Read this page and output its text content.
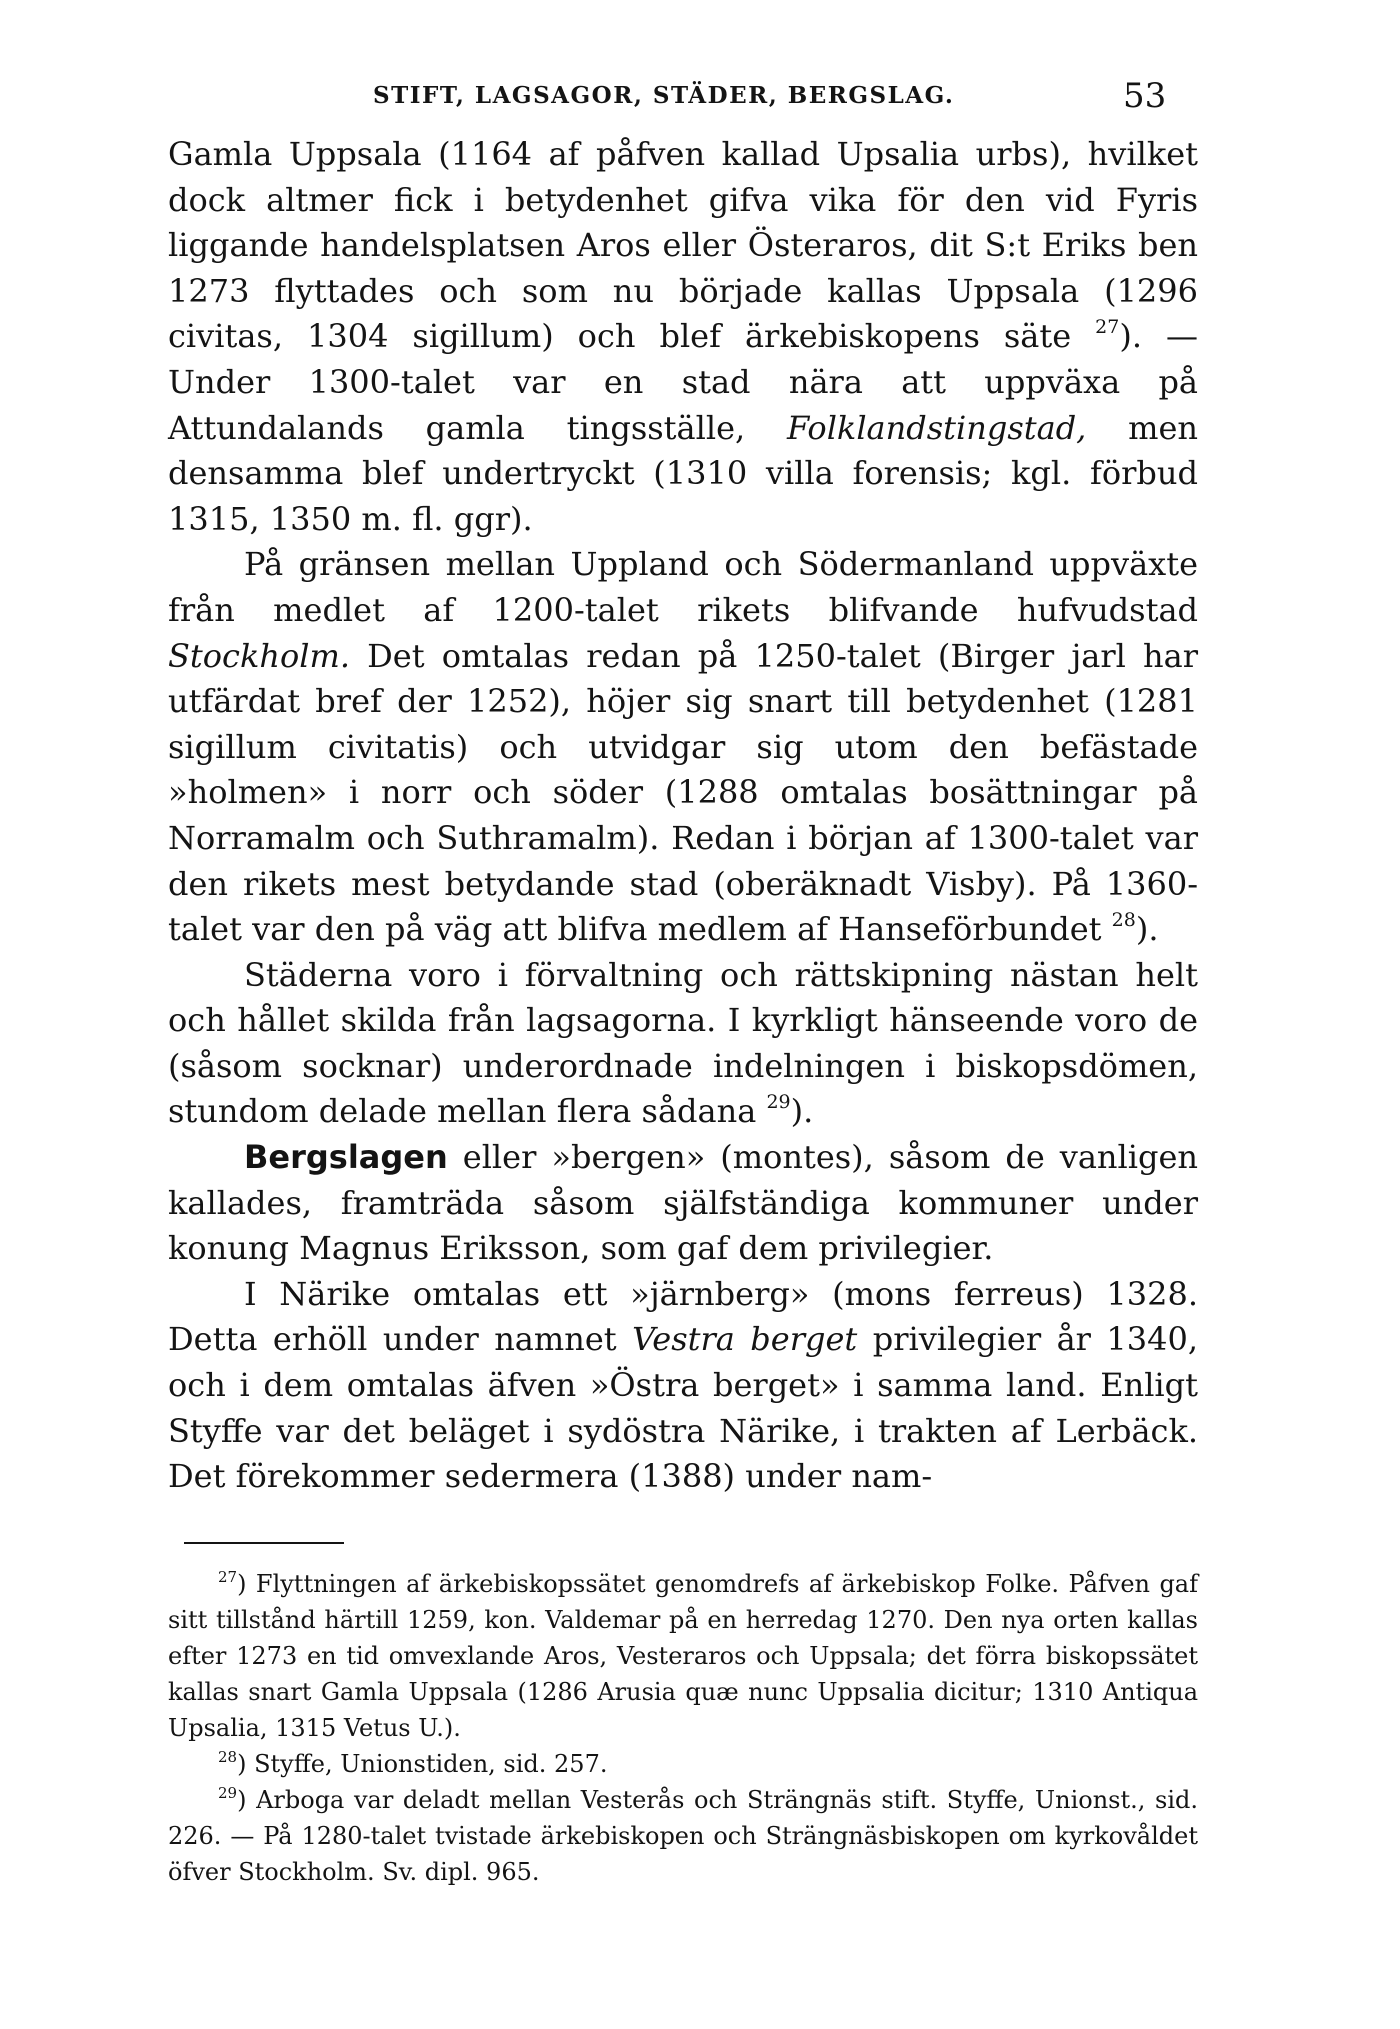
STIFT, LAGSAGOR, STÄDER, BERGSLAG.	53

Gamla Uppsala (1164 af påfven kallad Upsalia urbs), hvilket dock altmer fick i betydenhet gifva vika för den vid Fyris liggande handelsplatsen Aros eller Österaros, dit S:t Eriks ben 1273 flyttades och som nu började kallas Uppsala (1296 civitas, 1304 sigillum) och blef ärkebiskopens säte $^{27}$). — Under 1300-talet var en stad nära att uppväxa på Attundalands gamla tingsställe, Folklandstingstad, men densamma blef undertryckt (1310 villa forensis; kgl. förbud 1315, 1350 m. fl. ggr).

På gränsen mellan Uppland och Södermanland uppväxte från medlet af 1200-talet rikets blifvande hufvudstad Stockholm. Det omtalas redan på 1250-talet (Birger jarl har utfärdat bref der 1252), höjer sig snart till betydenhet (1281 sigillum civitatis) och utvidgar sig utom den befästade »holmen» i norr och söder (1288 omtalas bosättningar på Norramalm och Suthramalm). Redan i början af 1300-talet var den rikets mest betydande stad (oberäknadt Visby). På 1360-talet var den på väg att blifva medlem af Hanseförbundet $^{28}$).

Städerna voro i förvaltning och rättskipning nästan helt och hållet skilda från lagsagorna. I kyrkligt hänseende voro de (såsom socknar) underordnade indelningen i biskopsdömen, stundom delade mellan flera sådana $^{29}$).

Bergslagen eller »bergen» (montes), såsom de vanligen kallades, framträda såsom själfständiga kommuner under konung Magnus Eriksson, som gaf dem privilegier.

I Närike omtalas ett »järnberg» (mons ferreus) 1328. Detta erhöll under namnet Vestra berget privilegier år 1340, och i dem omtalas äfven »Östra berget» i samma land. Enligt Styffe var det beläget i sydöstra Närike, i trakten af Lerbäck. Det förekommer sedermera (1388) under nam-

$^{27}$) Flyttningen af ärkebiskopssätet genomdrefs af ärkebiskop Folke. Påfven gaf sitt tillstånd härtill 1259, kon. Valdemar på en herredag 1270. Den nya orten kallas efter 1273 en tid omvexlande Aros, Vesteraros och Uppsala; det förra biskopssätet kallas snart Gamla Uppsala (1286 Arusia quæ nunc Uppsalia dicitur; 1310 Antiqua Upsalia, 1315 Vetus U.).

$^{28}$) Styffe, Unionstiden, sid. 257.

$^{29}$) Arboga var deladt mellan Vesterås och Strängnäs stift. Styffe, Unionst., sid. 226. — På 1280-talet tvistade ärkebiskopen och Strängnäsbiskopen om kyrkovåldet öfver Stockholm. Sv. dipl. 965.
